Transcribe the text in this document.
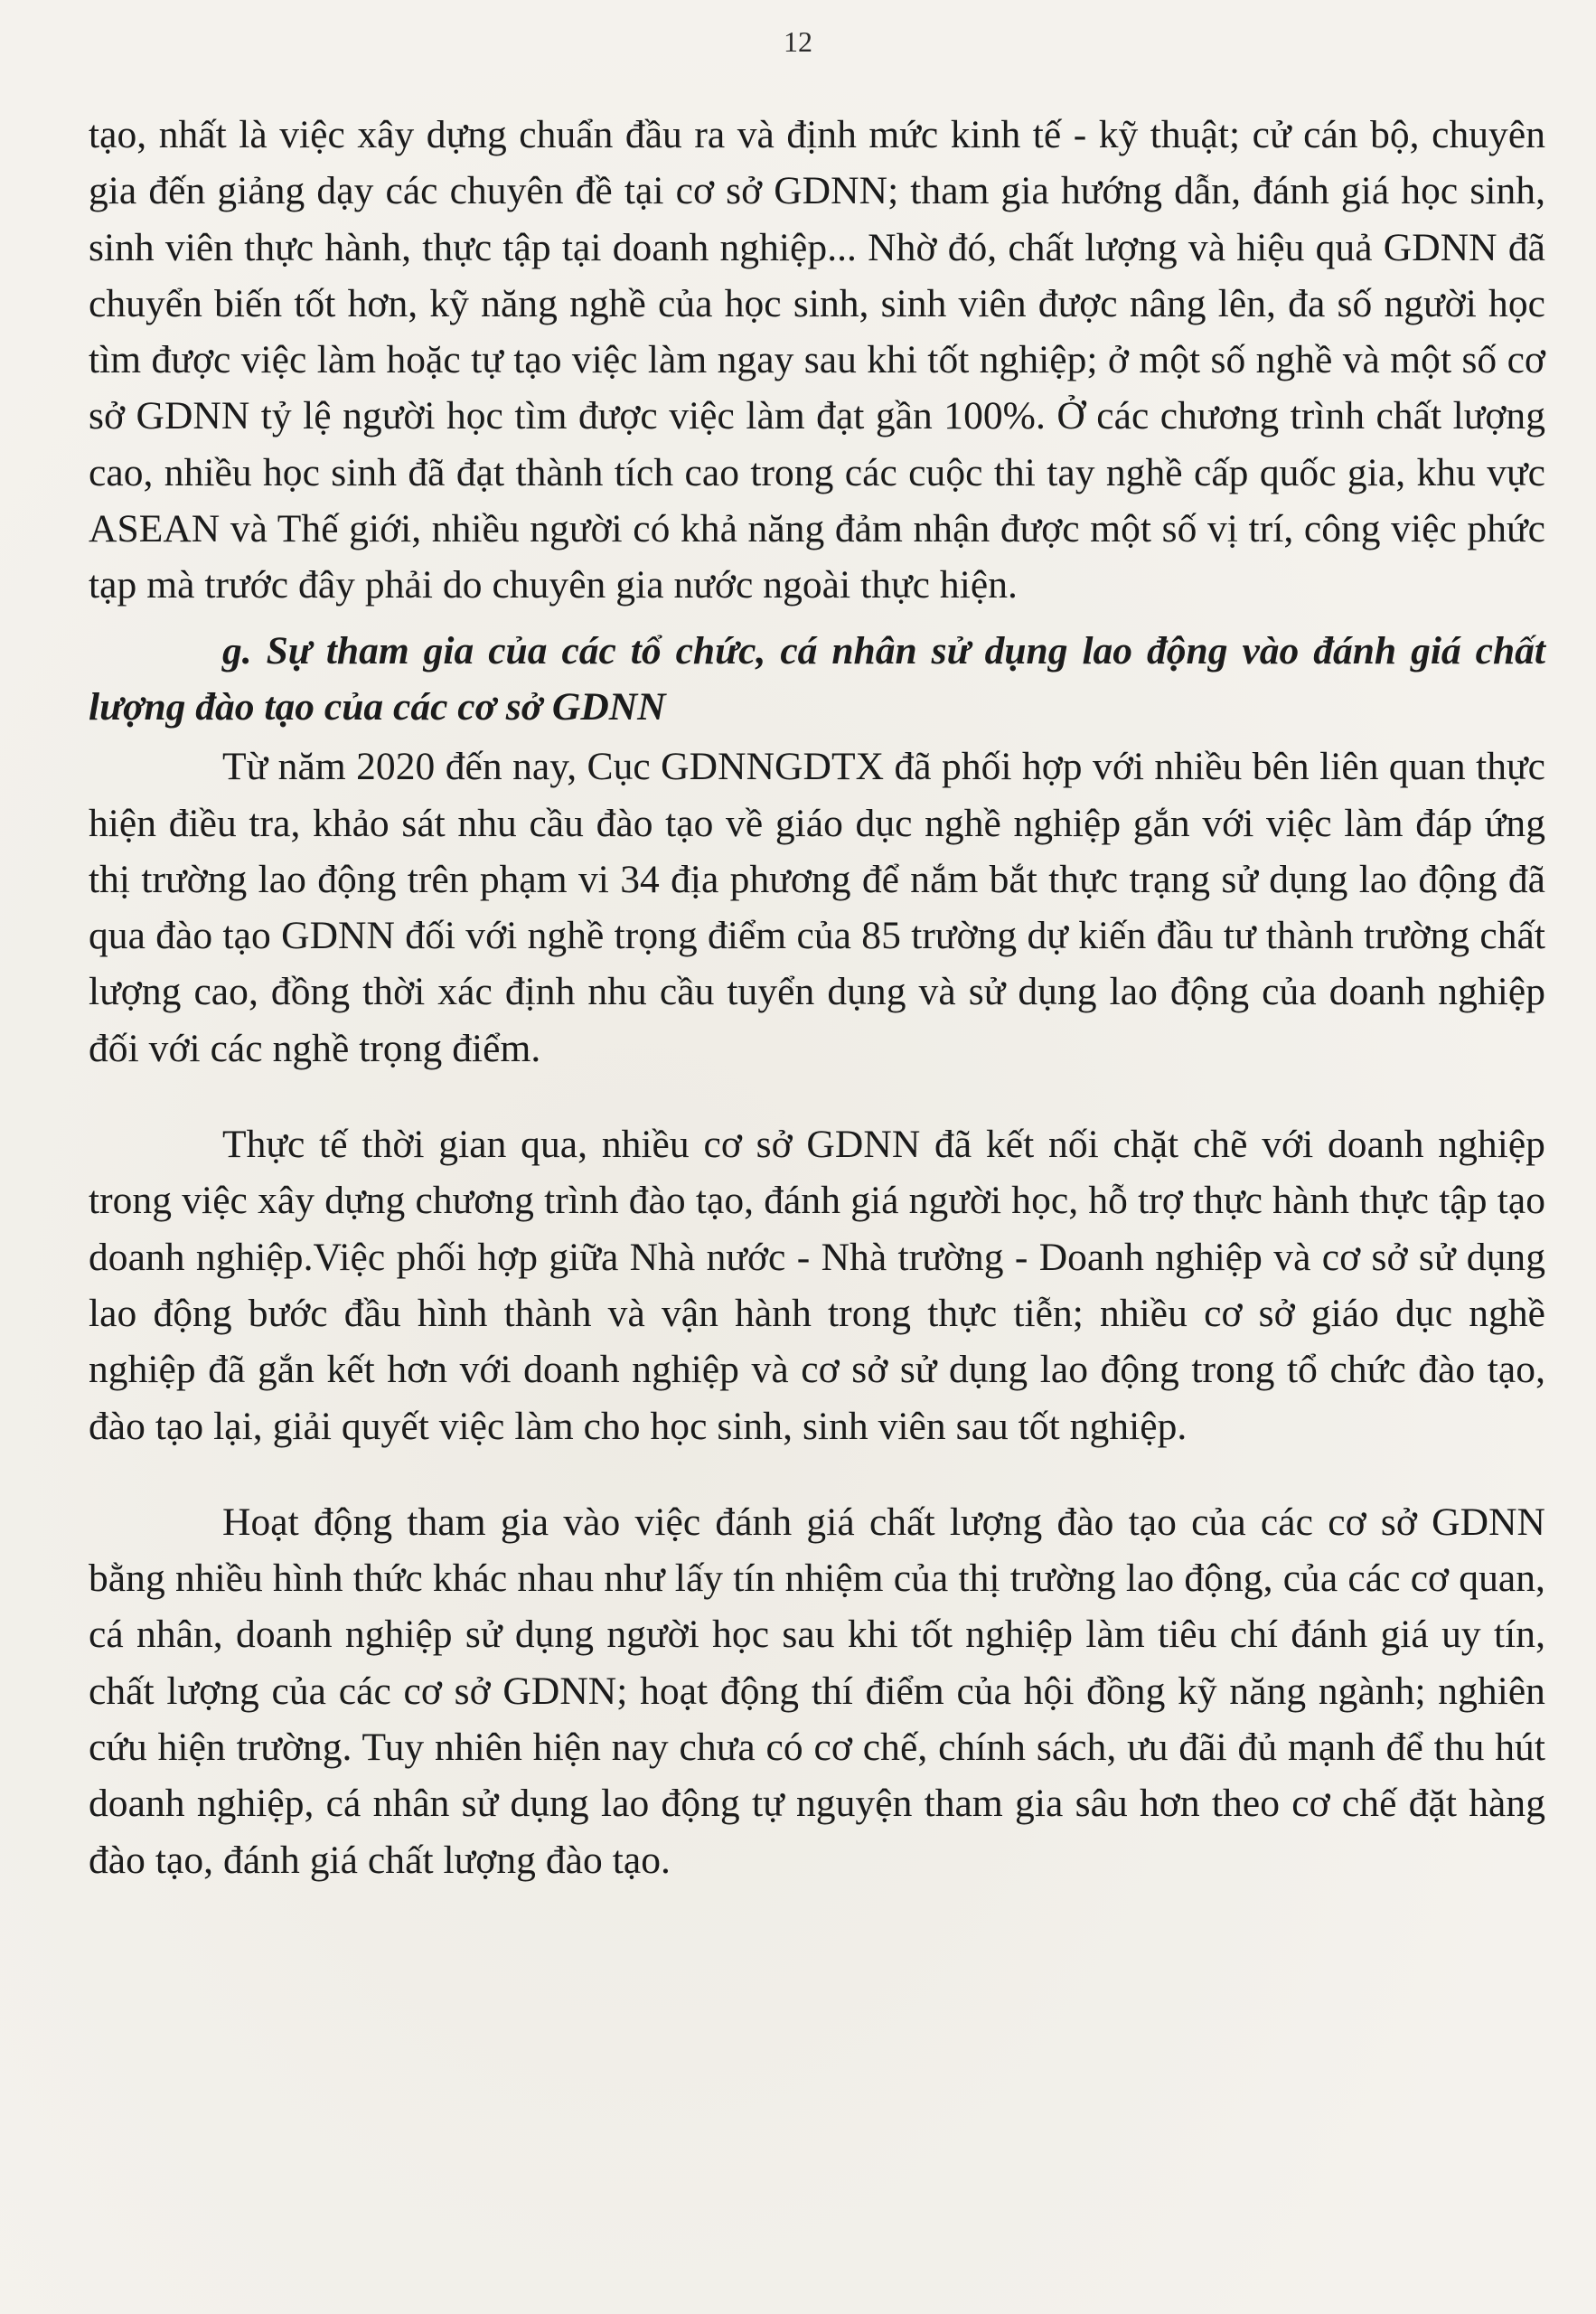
12

tạo, nhất là việc xây dựng chuẩn đầu ra và định mức kinh tế - kỹ thuật; cử cán bộ, chuyên gia đến giảng dạy các chuyên đề tại cơ sở GDNN; tham gia hướng dẫn, đánh giá học sinh, sinh viên thực hành, thực tập tại doanh nghiệp... Nhờ đó, chất lượng và hiệu quả GDNN đã chuyển biến tốt hơn, kỹ năng nghề của học sinh, sinh viên được nâng lên, đa số người học tìm được việc làm hoặc tự tạo việc làm ngay sau khi tốt nghiệp; ở một số nghề và một số cơ sở GDNN tỷ lệ người học tìm được việc làm đạt gần 100%. Ở các chương trình chất lượng cao, nhiều học sinh đã đạt thành tích cao trong các cuộc thi tay nghề cấp quốc gia, khu vực ASEAN và Thế giới, nhiều người có khả năng đảm nhận được một số vị trí, công việc phức tạp mà trước đây phải do chuyên gia nước ngoài thực hiện.

g. Sự tham gia của các tổ chức, cá nhân sử dụng lao động vào đánh giá chất lượng đào tạo của các cơ sở GDNN

Từ năm 2020 đến nay, Cục GDNNGDTX đã phối hợp với nhiều bên liên quan thực hiện điều tra, khảo sát nhu cầu đào tạo về giáo dục nghề nghiệp gắn với việc làm đáp ứng thị trường lao động trên phạm vi 34 địa phương để nắm bắt thực trạng sử dụng lao động đã qua đào tạo GDNN đối với nghề trọng điểm của 85 trường dự kiến đầu tư thành trường chất lượng cao, đồng thời xác định nhu cầu tuyển dụng và sử dụng lao động của doanh nghiệp đối với các nghề trọng điểm.

Thực tế thời gian qua, nhiều cơ sở GDNN đã kết nối chặt chẽ với doanh nghiệp trong việc xây dựng chương trình đào tạo, đánh giá người học, hỗ trợ thực hành thực tập tạo doanh nghiệp.Việc phối hợp giữa Nhà nước - Nhà trường - Doanh nghiệp và cơ sở sử dụng lao động bước đầu hình thành và vận hành trong thực tiễn; nhiều cơ sở giáo dục nghề nghiệp đã gắn kết hơn với doanh nghiệp và cơ sở sử dụng lao động trong tổ chức đào tạo, đào tạo lại, giải quyết việc làm cho học sinh, sinh viên sau tốt nghiệp.

Hoạt động tham gia vào việc đánh giá chất lượng đào tạo của các cơ sở GDNN bằng nhiều hình thức khác nhau như lấy tín nhiệm của thị trường lao động, của các cơ quan, cá nhân, doanh nghiệp sử dụng người học sau khi tốt nghiệp làm tiêu chí đánh giá uy tín, chất lượng của các cơ sở GDNN; hoạt động thí điểm của hội đồng kỹ năng ngành; nghiên cứu hiện trường. Tuy nhiên hiện nay chưa có cơ chế, chính sách, ưu đãi đủ mạnh để thu hút doanh nghiệp, cá nhân sử dụng lao động tự nguyện tham gia sâu hơn theo cơ chế đặt hàng đào tạo, đánh giá chất lượng đào tạo.
